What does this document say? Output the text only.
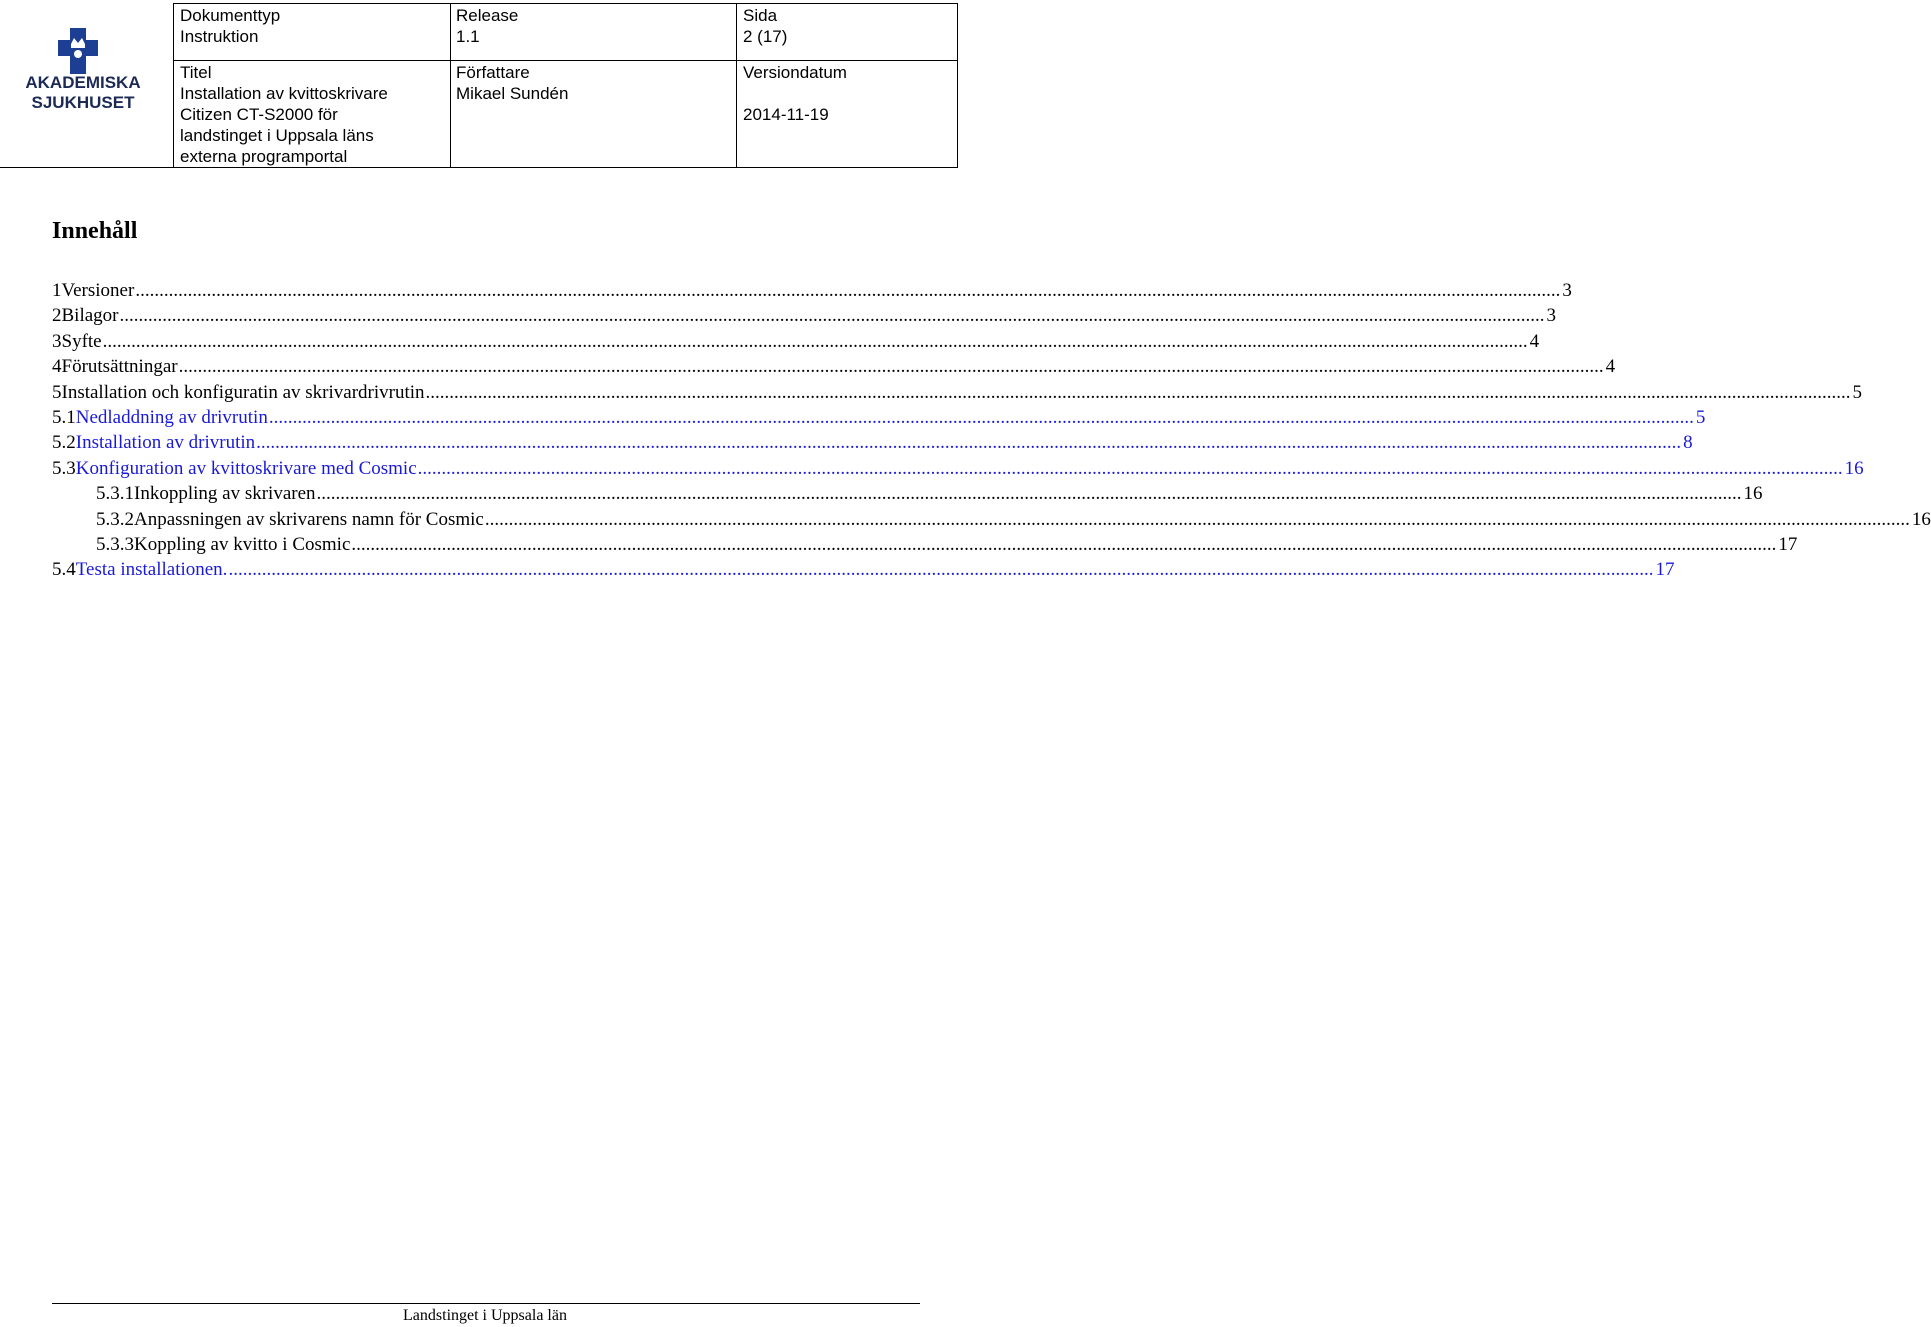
AKADEMISKA
SJUKHUSET
Dokumenttyp
Instruktion
Release
1.1
Sida
2 (17)
Titel
Installation av kvittoskrivare
Citizen CT-S2000 för
landstinget i Uppsala läns
externa programportal
Författare
Mikael Sundén
Versiondatum
2014-11-19
Innehåll
1 Versioner ............................................................................................................................................................................................................................................................................................................ 3
2 Bilagor ............................................................................................................................................................................................................................................................................................................ 3
3 Syfte ............................................................................................................................................................................................................................................................................................................ 4
4 Förutsättningar ............................................................................................................................................................................................................................................................................................................ 4
5 Installation och konfiguratin av skrivardrivrutin ............................................................................................................................................................................................................................................................................................................ 5
5.1 Nedladdning av drivrutin ............................................................................................................................................................................................................................................................................................................ 5
5.2 Installation av drivrutin ............................................................................................................................................................................................................................................................................................................ 8
5.3 Konfiguration av kvittoskrivare med Cosmic ............................................................................................................................................................................................................................................................................................................ 16
5.3.1 Inkoppling av skrivaren ............................................................................................................................................................................................................................................................................................................ 16
5.3.2 Anpassningen av skrivarens namn för Cosmic ............................................................................................................................................................................................................................................................................................................ 16
5.3.3 Koppling av kvitto i Cosmic ............................................................................................................................................................................................................................................................................................................ 17
5.4 Testa installationen. ............................................................................................................................................................................................................................................................................................................ 17
Landstinget i Uppsala län
